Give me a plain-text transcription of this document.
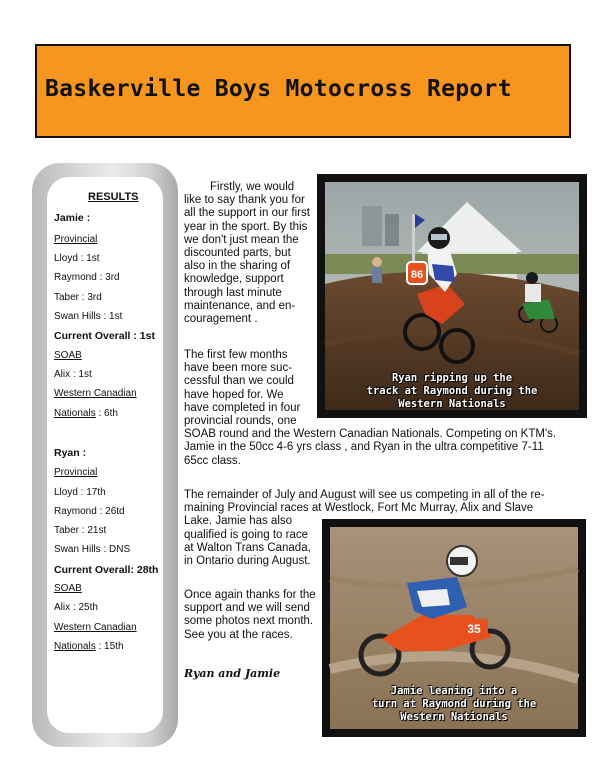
Baskerville Boys Motocross Report
RESULTS
Jamie :
Provincial
Lloyd : 1st
Raymond : 3rd
Taber : 3rd
Swan Hills : 1st
Current Overall : 1st
SOAB
Alix : 1st
Western Canadian
Nationals : 6th
Ryan :
Provincial
Lloyd : 17th
Raymond : 26td
Taber : 21st
Swan Hills : DNS
Current Overall: 28th
SOAB
Alix : 25th
Western Canadian
Nationals : 15th
Firstly, we would
like to say thank you for
all the support in our first
year in the sport. By this
we don't just mean the
discounted parts, but
also in the sharing of
knowledge, support
through last minute
maintenance, and en-
couragement .
The first few months
have been more suc-
cessful than we could
have hoped for. We
have completed in four
provincial rounds, one
SOAB round and the Western Canadian Nationals. Competing on KTM's.
Jamie in the 50cc 4-6 yrs class , and Ryan in the ultra competitive 7-11
65cc class.
The remainder of July and August will see us competing in all of the re-
maining Provincial races at Westlock, Fort Mc Murray, Alix and Slave
Lake. Jamie has also
qualified is going to race
at Walton Trans Canada,
in Ontario during August.
Once again thanks for the
support and we will send
some photos next month.
See you at the races.
Ryan and Jamie
86
Ryan ripping up the
track at Raymond during the
Western Nationals
35
Jamie leaning into a
turn at Raymond during the
Western Nationals
